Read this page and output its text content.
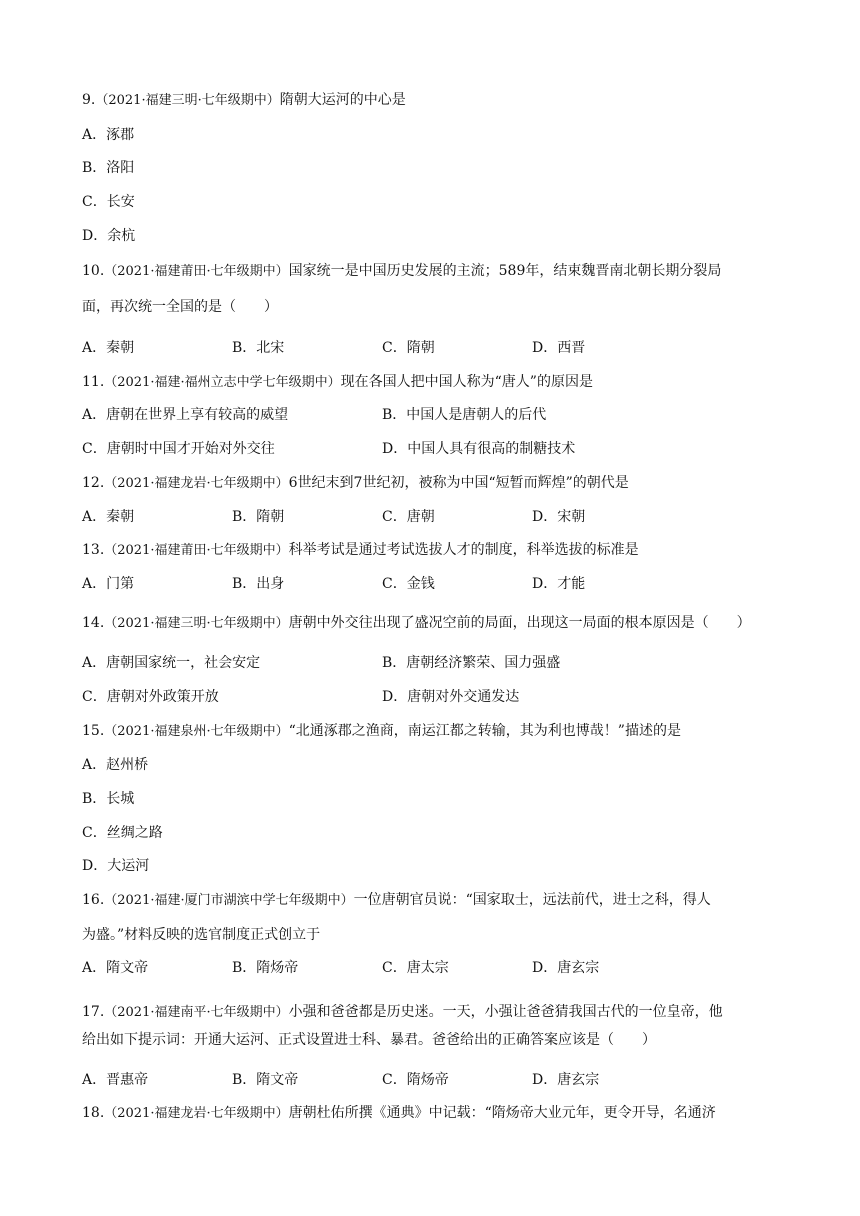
9.（2021·福建三明·七年级期中）隋朝大运河的中心是
A．涿郡
B．洛阳
C．长安
D．余杭
10.（2021·福建莆田·七年级期中）国家统一是中国历史发展的主流；589年，结束魏晋南北朝长期分裂局
面，再次统一全国的是（　　）
A．秦朝	B．北宋	C．隋朝	D．西晋
11.（2021·福建·福州立志中学七年级期中）现在各国人把中国人称为“唐人”的原因是
A．唐朝在世界上享有较高的威望	B．中国人是唐朝人的后代
C．唐朝时中国才开始对外交往	D．中国人具有很高的制糖技术
12.（2021·福建龙岩·七年级期中）6世纪末到7世纪初，被称为中国“短暂而辉煌”的朝代是
A．秦朝	B．隋朝	C．唐朝	D．宋朝
13.（2021·福建莆田·七年级期中）科举考试是通过考试选拔人才的制度，科举选拔的标准是
A．门第	B．出身	C．金钱	D．才能
14.（2021·福建三明·七年级期中）唐朝中外交往出现了盛况空前的局面，出现这一局面的根本原因是（　　）
A．唐朝国家统一，社会安定	B．唐朝经济繁荣、国力强盛
C．唐朝对外政策开放	D．唐朝对外交通发达
15.（2021·福建泉州·七年级期中）“北通涿郡之渔商，南运江都之转输，其为利也博哉！”描述的是
A．赵州桥
B．长城
C．丝绸之路
D．大运河
16.（2021·福建·厦门市湖滨中学七年级期中）一位唐朝官员说：“国家取士，远法前代，进士之科，得人
为盛。”材料反映的选官制度正式创立于
A．隋文帝	B．隋炀帝	C．唐太宗	D．唐玄宗
17.（2021·福建南平·七年级期中）小强和爸爸都是历史迷。一天，小强让爸爸猜我国古代的一位皇帝，他
给出如下提示词：开通大运河、正式设置进士科、暴君。爸爸给出的正确答案应该是（　　）
A．晋惠帝	B．隋文帝	C．隋炀帝	D．唐玄宗
18.（2021·福建龙岩·七年级期中）唐朝杜佑所撰《通典》中记载：“隋炀帝大业元年，更令开导，名通济
